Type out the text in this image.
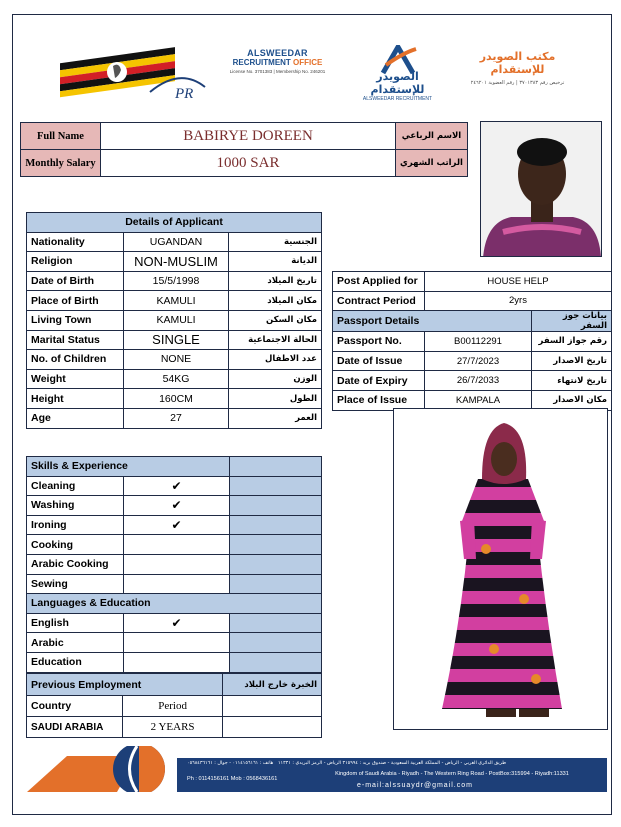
PR
ALSWEEDAR
RECRUITMENT OFFICE
License No. 3701383 | Membership No. 246201	الصويدر للإستقدام
ALSWEEDAR RECRUITMENT
مكتب الصويدر للإستقدام
ترخيص رقم ٣٧٠١٣٨٣ | رقم العضوية ٢٤٦٢٠١
Full Name	BABIRYE DOREEN	الاسم الرباعي
Monthly Salary	1000 SAR	الراتب الشهري
Details of Applicant		
Nationality	UGANDAN	الجنسية
Religion	NON-MUSLIM	الديانة
Date of Birth	15/5/1998	تاريخ الميلاد
Place of Birth	KAMULI	مكان الميلاد
Living Town	KAMULI	مكان السكن
Marital Status	SINGLE	الحالة الاجتماعية
No. of Children	NONE	عدد الاطفال
Weight	54KG	الوزن
Height	160CM	الطول
Age	27	العمر
Post Applied for	HOUSE HELP	
Contract Period	2yrs	
Passport Details		بيانات جوز السفر
Passport No.	B00112291	رقم جواز السفر
Date of Issue	27/7/2023	تاريخ الاصدار
Date of Expiry	26/7/2033	تاريخ لانتهاء
Place of Issue	KAMPALA	مكان الاصدار
Skills & Experience		
Cleaning	✔	
Washing	✔	
Ironing	✔	
Cooking		
Arabic Cooking		
Sewing		
Languages & Education		
English	✔	
Arabic		
Education		
Previous Employment		الخبرة خارج البلاد
Country	Period	
SAUDI ARABIA	2 YEARS	
طريق الدائري الغربي - الرياض - المملكة العربية السعودية - صندوق بريد : ٣١٥٩٩٤ الرياض - الرمز البريدي : ١١٣٣١
Kingdom of Saudi Arabia - Riyadh - The Western Ring Road - PostBox:315994 - Riyadh:11331
هاتف : ٠١١٤١٥٦١٦١ - جوال : ٠٥٦٨٤٣٦١٦١
Ph : 0114156161 Mob : 0568436161
e-mail:alssuaydr@gmail.com
